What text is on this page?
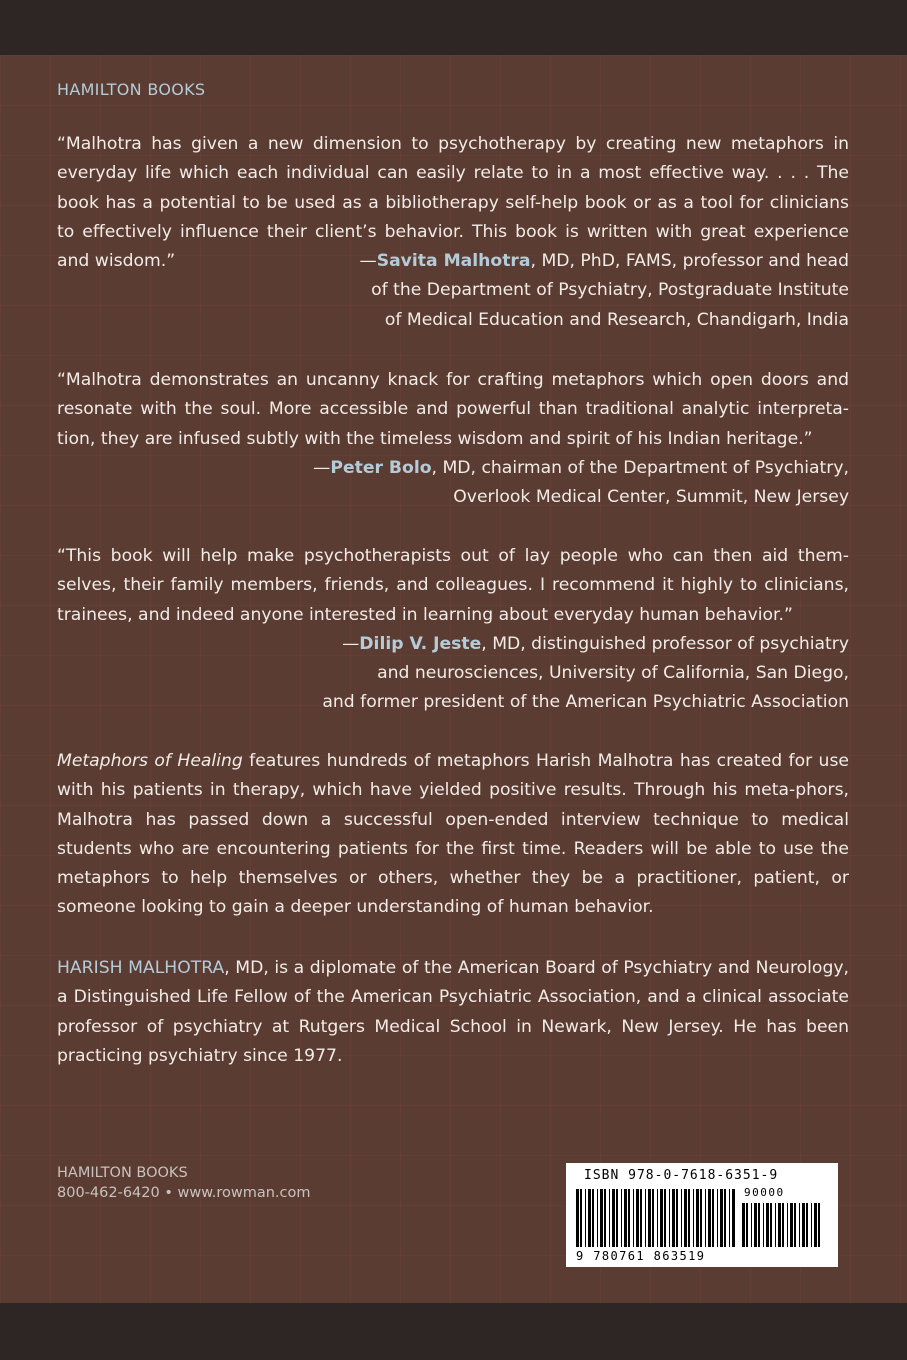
HAMILTON BOOKS

“Malhotra has given a new dimension to psychotherapy by creating new metaphors in everyday life which each individual can easily relate to in a most effective way. . . . The book has a potential to be used as a bibliotherapy self-help book or as a tool for clinicians to effectively influence their client’s behavior. This book is written with great experience and wisdom.”	—Savita Malhotra, MD, PhD, FAMS, professor and head
of the Department of Psychiatry, Postgraduate Institute
of Medical Education and Research, Chandigarh, India

“Malhotra demonstrates an uncanny knack for crafting metaphors which open doors and resonate with the soul. More accessible and powerful than traditional analytic interpreta-tion, they are infused subtly with the timeless wisdom and spirit of his Indian heritage.”

—Peter Bolo, MD, chairman of the Department of Psychiatry,
Overlook Medical Center, Summit, New Jersey

“This book will help make psychotherapists out of lay people who can then aid them-selves, their family members, friends, and colleagues. I recommend it highly to clinicians, trainees, and indeed anyone interested in learning about everyday human behavior.”

—Dilip V. Jeste, MD, distinguished professor of psychiatry
and neurosciences, University of California, San Diego,
and former president of the American Psychiatric Association

Metaphors of Healing features hundreds of metaphors Harish Malhotra has created for use with his patients in therapy, which have yielded positive results. Through his meta-phors, Malhotra has passed down a successful open-ended interview technique to medical students who are encountering patients for the first time. Readers will be able to use the metaphors to help themselves or others, whether they be a practitioner, patient, or someone looking to gain a deeper understanding of human behavior.

HARISH MALHOTRA, MD, is a diplomate of the American Board of Psychiatry and Neurology, a Distinguished Life Fellow of the American Psychiatric Association, and a clinical associate professor of psychiatry at Rutgers Medical School in Newark, New Jersey. He has been practicing psychiatry since 1977.

HAMILTON BOOKS
800-462-6420 • www.rowman.com
ISBN 978-0-7618-6351-9
90000
9 780761 863519
